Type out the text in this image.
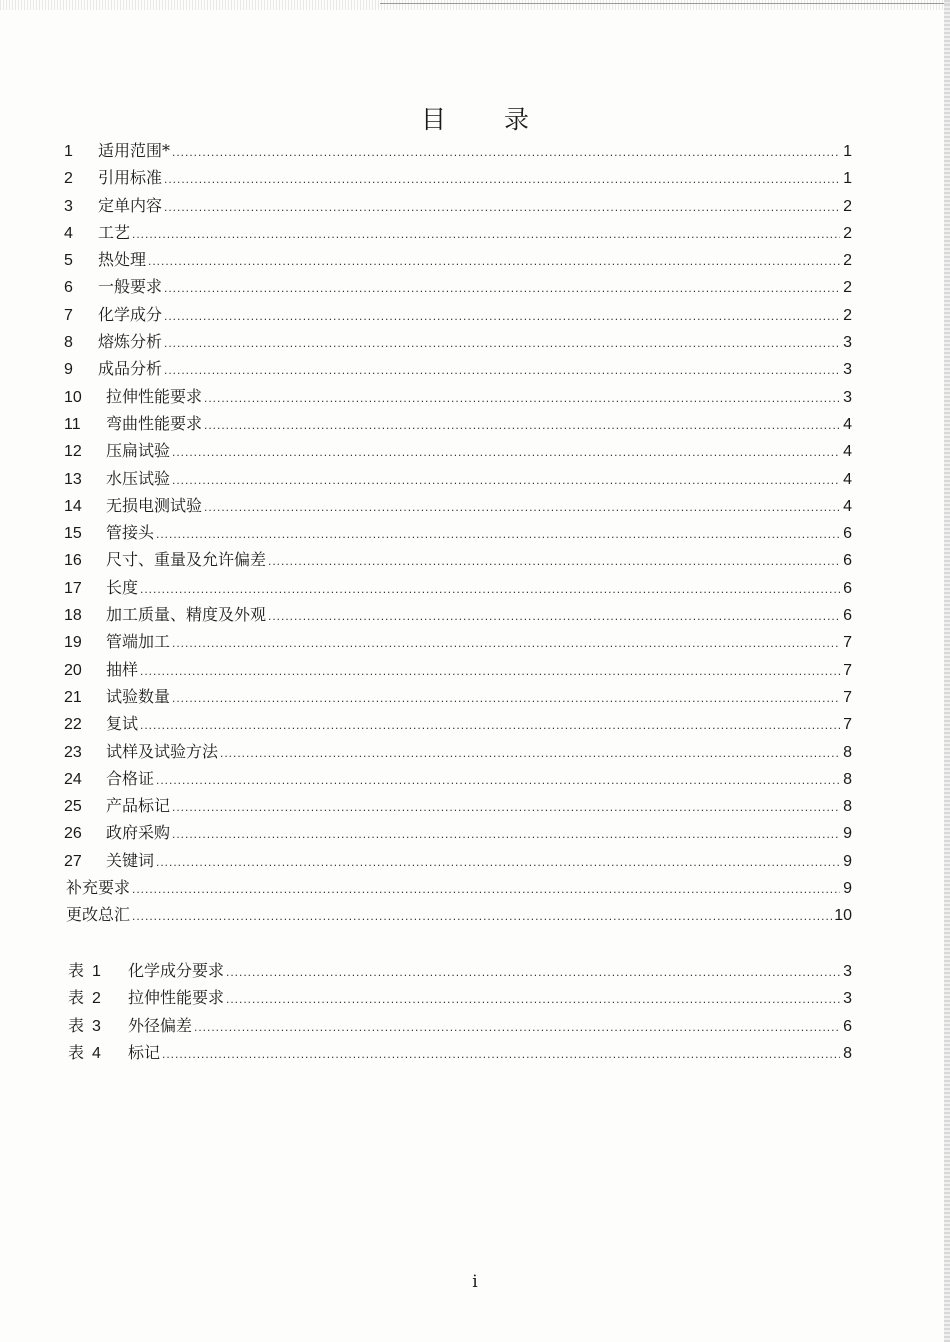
目 录
1	适用范围* .....	1
2	引用标准 .....	1
3	定单内容 .....	2
4	工艺 .....	2
5	热处理 .....	2
6	一般要求 .....	2
7	化学成分 .....	2
8	熔炼分析 .....	3
9	成品分析 .....	3
10	拉伸性能要求 .....	3
11	弯曲性能要求 .....	4
12	压扁试验 .....	4
13	水压试验 .....	4
14	无损电测试验 .....	4
15	管接头 .....	6
16	尺寸、重量及允许偏差 .....	6
17	长度 .....	6
18	加工质量、精度及外观 .....	6
19	管端加工 .....	7
20	抽样 .....	7
21	试验数量 .....	7
22	复试 .....	7
23	试样及试验方法 .....	8
24	合格证 .....	8
25	产品标记 .....	8
26	政府采购 .....	9
27	关键词 .....	9
补充要求 .....	9
更改总汇 .....	10
表 1	化学成分要求 .....	3
表 2	拉伸性能要求 .....	3
表 3	外径偏差 .....	6
表 4	标记 .....	8
i
